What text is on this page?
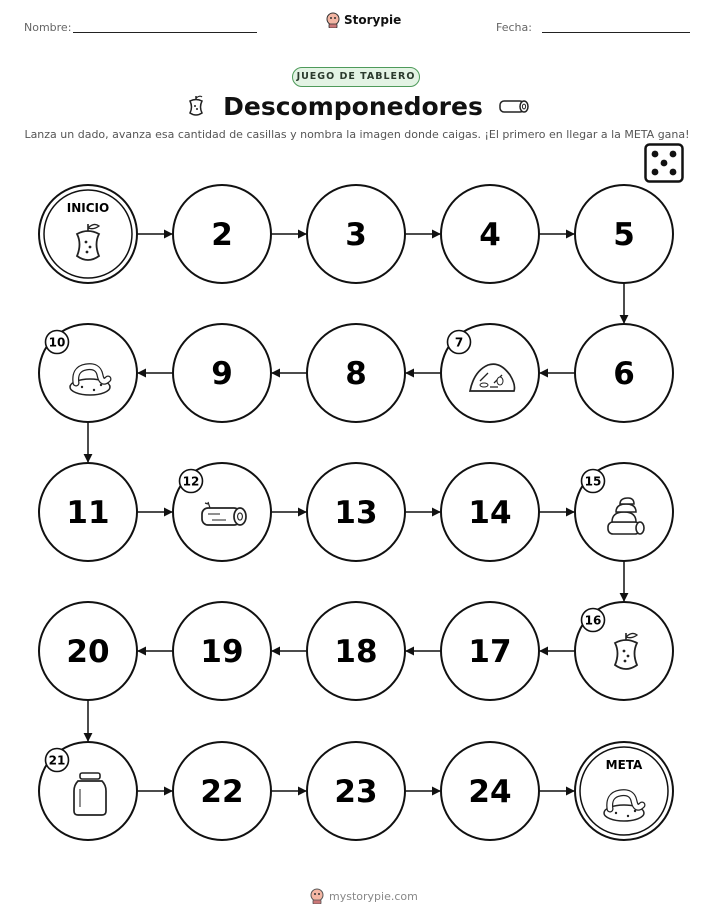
Nombre:
Storypie
Fecha:
JUEGO DE TABLERO
Descomponedores
Lanza un dado, avanza esa cantidad de casillas y nombra la imagen donde caigas. ¡El primero en llegar a la META gana!
INICIO
2	3	4	5
6
7
8
9
10
11
12
13	14
15
16
17
18
19
20
21
22	23	24
META
mystorypie.com
